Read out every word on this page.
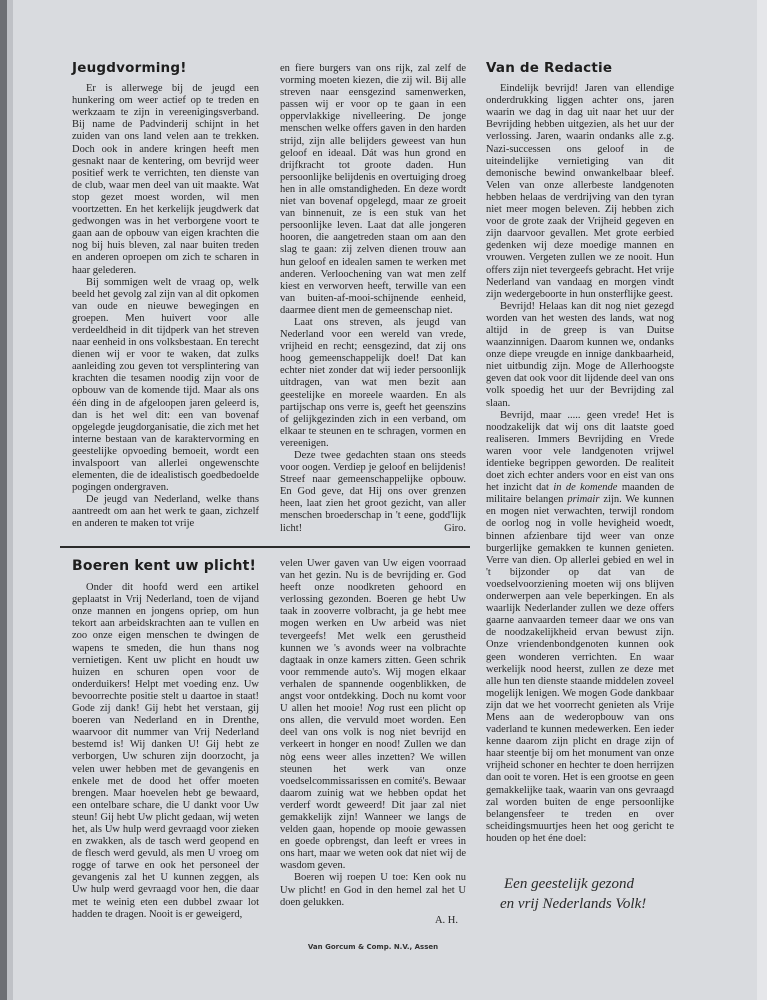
Jeugdvorming!

Er is allerwege bij de jeugd een hunkering om weer actief op te treden en werkzaam te zijn in vereenigingsverband. Bij name de Padvinderij schijnt in het zuiden van ons land velen aan te trekken. Doch ook in andere kringen heeft men gesnakt naar de kentering, om bevrijd weer positief werk te verrichten, ten dienste van de club, waar men deel van uit maakte. Wat stop gezet moest worden, wil men voortzetten. En het kerkelijk jeugdwerk dat gedwongen was in het verborgene voort te gaan aan de opbouw van eigen krachten die nog bij huis bleven, zal naar buiten treden en anderen oproepen om zich te scharen in haar gelederen.

Bij sommigen welt de vraag op, welk beeld het gevolg zal zijn van al dit opkomen van oude en nieuwe bewegingen en groepen. Men huivert voor alle verdeeldheid in dit tijdperk van het streven naar eenheid in ons volksbestaan. En terecht dienen wij er voor te waken, dat zulks aanleiding zou geven tot versplintering van krachten die tesamen noodig zijn voor de opbouw van de komende tijd. Maar als ons één ding in de afgeloopen jaren geleerd is, dan is het wel dit: een van bovenaf opgelegde jeugdorganisatie, die zich met het interne bestaan van de karaktervorming en geestelijke opvoeding bemoeit, wordt een invalspoort van allerlei ongewenschte elementen, die de idealistisch goedbedoelde pogingen ondergraven.

De jeugd van Nederland, welke thans aantreedt om aan het werk te gaan, zichzelf en anderen te maken tot vrije

en fiere burgers van ons rijk, zal zelf de vorming moeten kiezen, die zij wil. Bij alle streven naar eensgezind samenwerken, passen wij er voor op te gaan in een oppervlakkige nivelleering. De jonge menschen welke offers gaven in den harden strijd, zijn alle belijders geweest van hun geloof en ideaal. Dát was hun grond en drijfkracht tot groote daden. Hun persoonlijke belijdenis en overtuiging droeg hen in alle omstandigheden. En deze wordt niet van bovenaf opgelegd, maar ze groeit van binnenuit, ze is een stuk van het persoonlijke leven. Laat dat alle jongeren hooren, die aangetreden staan om aan den slag te gaan: zij zelven dienen trouw aan hun geloof en idealen samen te werken met anderen. Verloochening van wat men zelf kiest en verworven heeft, terwille van een van buiten-af-mooi-schijnende eenheid, daarmee dient men de gemeenschap niet.

Laat ons streven, als jeugd van Nederland voor een wereld van vrede, vrijheid en recht; eensgezind, dat zij ons hoog gemeenschappelijk doel! Dat kan echter niet zonder dat wij ieder persoonlijk uitdragen, van wat men bezit aan geestelijke en moreele waarden. En als partijschap ons verre is, geeft het geenszins of gelijkgezinden zich in een verband, om elkaar te steunen en te schragen, vormen en vereenigen.

Deze twee gedachten staan ons steeds voor oogen. Verdiep je geloof en belijdenis! Streef naar gemeenschappelijke opbouw. En God geve, dat Hij ons over grenzen heen, laat zien het groot gezicht, van aller menschen broederschap in 't eene, godd'lijk licht!	Giro.

Van de Redactie

Eindelijk bevrijd! Jaren van ellendige onderdrukking liggen achter ons, jaren waarin we dag in dag uit naar het uur der Bevrijding hebben uitgezien, als het uur der verlossing. Jaren, waarin ondanks alle z.g. Nazi-successen ons geloof in de uiteindelijke vernietiging van dit demonische bewind onwankelbaar bleef. Velen van onze allerbeste landgenoten hebben helaas de verdrijving van den tyran niet meer mogen beleven. Zij hebben zich voor de grote zaak der Vrijheid gegeven en zijn daarvoor gevallen. Met grote eerbied gedenken wij deze moedige mannen en vrouwen. Vergeten zullen we ze nooit. Hun offers zijn niet tevergeefs gebracht. Het vrije Nederland van vandaag en morgen vindt zijn wedergeboorte in hun onsterflijke geest.

Bevrijd! Helaas kan dit nog niet gezegd worden van het westen des lands, wat nog altijd in de greep is van Duitse waanzinnigen. Daarom kunnen we, ondanks onze diepe vreugde en innige dankbaarheid, niet uitbundig zijn. Moge de Allerhoogste geven dat ook voor dit lijdende deel van ons volk spoedig het uur der Bevrijding zal slaan.

Bevrijd, maar ..... geen vrede! Het is noodzakelijk dat wij ons dit laatste goed realiseren. Immers Bevrijding en Vrede waren voor vele landgenoten vrijwel identieke begrippen geworden. De realiteit doet zich echter anders voor en eist van ons het inzicht dat in de komende maanden de militaire belangen primair zijn. We kunnen en mogen niet verwachten, terwijl rondom de oorlog nog in volle hevigheid woedt, binnen afzienbare tijd weer van onze burgerlijke gemakken te kunnen genieten. Verre van dien. Op allerlei gebied en wel in 't bijzonder op dat van de voedselvoorziening moeten wij ons blijven onderwerpen aan vele beperkingen. En als waarlijk Nederlander zullen we deze offers gaarne aanvaarden temeer daar we ons van de noodzakelijkheid ervan bewust zijn. Onze vriendenbondgenoten kunnen ook geen wonderen verrichten. En waar werkelijk nood heerst, zullen ze deze met alle hun ten dienste staande middelen zoveel mogelijk lenigen. We mogen Gode dankbaar zijn dat we het voorrecht genieten als Vrije Mens aan de wederopbouw van ons vaderland te kunnen medewerken. Een ieder kenne daarom zijn plicht en drage zijn of haar steentje bij om het monument van onze vrijheid schoner en hechter te doen herrijzen dan ooit te voren. Het is een grootse en geen gemakkelijke taak, waarin van ons gevraagd zal worden buiten de enge persoonlijke belangensfeer te treden en over scheidingsmuurtjes heen het oog gericht te houden op het éne doel:

Een geestelijk gezond
en vrij Nederlands Volk!
Boeren kent uw plicht!

Onder dit hoofd werd een artikel geplaatst in Vrij Nederland, toen de vijand onze mannen en jongens opriep, om hun tekort aan arbeidskrachten aan te vullen en zoo onze eigen menschen te dwingen de wapens te smeden, die hun thans nog vernietigen. Kent uw plicht en houdt uw huizen en schuren open voor de onderduikers! Helpt met voeding enz. Uw bevoorrechte positie stelt u daartoe in staat! Gode zij dank! Gij hebt het verstaan, gij boeren van Nederland en in Drenthe, waarvoor dit nummer van Vrij Nederland bestemd is! Wij danken U! Gij hebt ze verborgen, Uw schuren zijn doorzocht, ja velen uwer hebben met de gevangenis en enkele met de dood het offer moeten brengen. Maar hoevelen hebt ge bewaard, een ontelbare schare, die U dankt voor Uw steun! Gij hebt Uw plicht gedaan, wij weten het, als Uw hulp werd gevraagd voor zieken en zwakken, als de tasch werd geopend en de flesch werd gevuld, als men U vroeg om rogge of tarwe en ook het personeel der gevangenis zal het U kunnen zeggen, als Uw hulp werd gevraagd voor hen, die daar met te weinig eten een dubbel zwaar lot hadden te dragen. Nooit is er geweigerd,

velen Uwer gaven van Uw eigen voorraad van het gezin. Nu is de bevrijding er. God heeft onze noodkreten gehoord en verlossing gezonden. Boeren ge hebt Uw taak in zooverre volbracht, ja ge hebt mee mogen werken en Uw arbeid was niet tevergeefs! Met welk een gerustheid kunnen we 's avonds weer na volbrachte dagtaak in onze kamers zitten. Geen schrik voor remmende auto's. Wij mogen elkaar verhalen de spannende oogenblikken, de angst voor ontdekking. Doch nu komt voor U allen het mooie! Nog rust een plicht op ons allen, die vervuld moet worden. Een deel van ons volk is nog niet bevrijd en verkeert in honger en nood! Zullen we dan nòg eens weer alles inzetten? We willen steunen het werk van onze voedselcommissarissen en comité's. Bewaar daarom zuinig wat we hebben opdat het verderf wordt geweerd! Dit jaar zal niet gemakkelijk zijn! Wanneer we langs de velden gaan, hopende op mooie gewassen en goede opbrengst, dan leeft er vrees in ons hart, maar we weten ook dat niet wij de wasdom geven.

Boeren wij roepen U toe: Ken ook nu Uw plicht! en God in den hemel zal het U doen gelukken.

A. H.

Van Gorcum & Comp. N.V., Assen
